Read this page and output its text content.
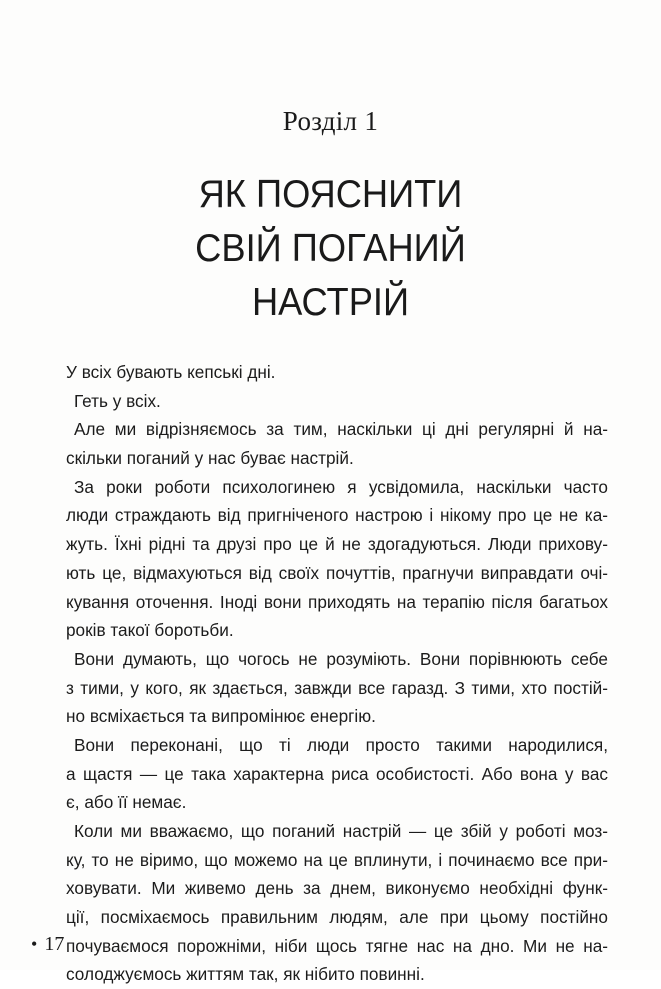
Розділ 1
ЯК ПОЯСНИТИ
СВІЙ ПОГАНИЙ
НАСТРІЙ
У всіх бувають кепські дні.
Геть у всіх.
Але ми відрізняємось за тим, наскільки ці дні регулярні й на-
скільки поганий у нас буває настрій.
За роки роботи психологинею я усвідомила, наскільки часто
люди страждають від пригніченого настрою і нікому про це не ка-
жуть. Їхні рідні та друзі про це й не здогадуються. Люди прихову-
ють це, відмахуються від своїх почуттів, прагнучи виправдати очі-
кування оточення. Іноді вони приходять на терапію після багатьох
років такої боротьби.
Вони думають, що чогось не розуміють. Вони порівнюють себе
з тими, у кого, як здається, завжди все гаразд. З тими, хто постій-
но всміхається та випромінює енергію.
Вони переконані, що ті люди просто такими народилися,
а щастя — це така характерна риса особистості. Або вона у вас
є, або її немає.
Коли ми вважаємо, що поганий настрій — це збій у роботі моз-
ку, то не віримо, що можемо на це вплинути, і починаємо все при-
ховувати. Ми живемо день за днем, виконуємо необхідні функ-
ції, посміхаємось правильним людям, але при цьому постійно
почуваємося порожніми, ніби щось тягне нас на дно. Ми не на-
солоджуємось життям так, як нібито повинні.
• 17
